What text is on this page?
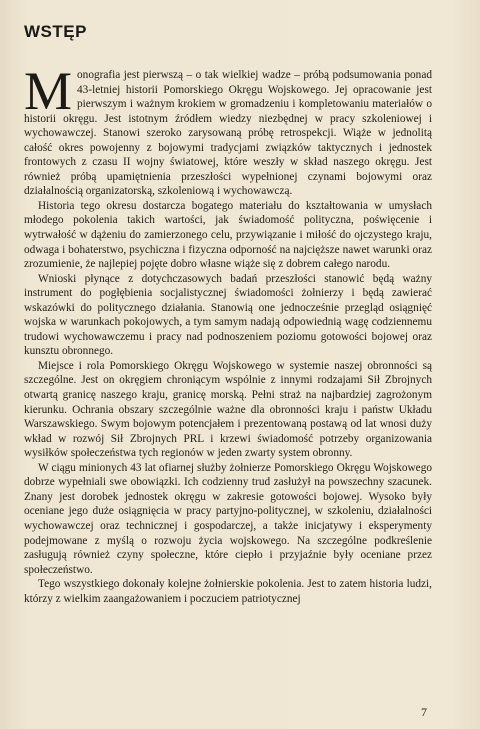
WSTĘP

Monografia jest pierwszą – o tak wielkiej wadze – próbą podsumowania ponad 43-letniej historii Pomorskiego Okręgu Wojskowego. Jej opracowanie jest pierwszym i ważnym krokiem w gromadzeniu i kompletowaniu materiałów o historii okręgu. Jest istotnym źródłem wiedzy niezbędnej w pracy szkoleniowej i wychowawczej. Stanowi szeroko zarysowaną próbę retrospekcji. Wiąże w jednolitą całość okres powojenny z bojowymi tradycjami związków taktycznych i jednostek frontowych z czasu II wojny światowej, które weszły w skład naszego okręgu. Jest również próbą upamiętnienia przeszłości wypełnionej czynami bojowymi oraz działalnością organizatorską, szkoleniową i wychowawczą.

Historia tego okresu dostarcza bogatego materiału do kształtowania w umysłach młodego pokolenia takich wartości, jak świadomość polityczna, poświęcenie i wytrwałość w dążeniu do zamierzonego celu, przywiązanie i miłość do ojczystego kraju, odwaga i bohaterstwo, psychiczna i fizyczna odporność na najcięższe nawet warunki oraz zrozumienie, że najlepiej pojęte dobro własne wiąże się z dobrem całego narodu.

Wnioski płynące z dotychczasowych badań przeszłości stanowić będą ważny instrument do pogłębienia socjalistycznej świadomości żołnierzy i będą zawierać wskazówki do politycznego działania. Stanowią one jednocześnie przegląd osiągnięć wojska w warunkach pokojowych, a tym samym nadają odpowiednią wagę codziennemu trudowi wychowawczemu i pracy nad podnoszeniem poziomu gotowości bojowej oraz kunsztu obronnego.

Miejsce i rola Pomorskiego Okręgu Wojskowego w systemie naszej obronności są szczególne. Jest on okręgiem chroniącym wspólnie z innymi rodzajami Sił Zbrojnych otwartą granicę naszego kraju, granicę morską. Pełni straż na najbardziej zagrożonym kierunku. Ochrania obszary szczególnie ważne dla obronności kraju i państw Układu Warszawskiego. Swym bojowym potencjałem i prezentowaną postawą od lat wnosi duży wkład w rozwój Sił Zbrojnych PRL i krzewi świadomość potrzeby organizowania wysiłków społeczeństwa tych regionów w jeden zwarty system obronny.

W ciągu minionych 43 lat ofiarnej służby żołnierze Pomorskiego Okręgu Wojskowego dobrze wypełniali swe obowiązki. Ich codzienny trud zasłużył na powszechny szacunek. Znany jest dorobek jednostek okręgu w zakresie gotowości bojowej. Wysoko były oceniane jego duże osiągnięcia w pracy partyjno-politycznej, w szkoleniu, działalności wychowawczej oraz technicznej i gospodarczej, a także inicjatywy i eksperymenty podejmowane z myślą o rozwoju życia wojskowego. Na szczególne podkreślenie zasługują również czyny społeczne, które ciepło i przyjaźnie były oceniane przez społeczeństwo.

Tego wszystkiego dokonały kolejne żołnierskie pokolenia. Jest to zatem historia ludzi, którzy z wielkim zaangażowaniem i poczuciem patriotycznej

7
